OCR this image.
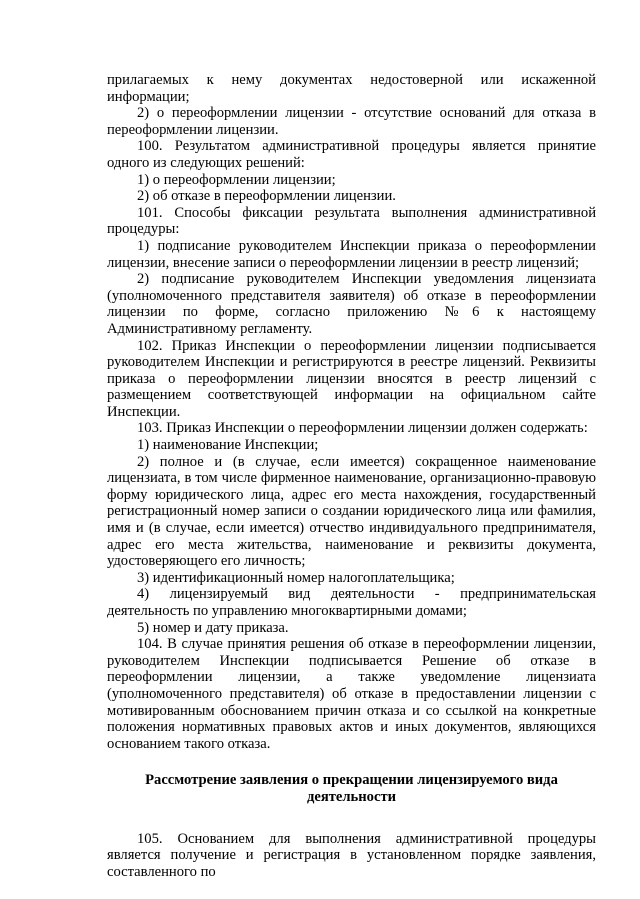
прилагаемых к нему документах недостоверной или искаженной информации;

2) о переоформлении лицензии - отсутствие оснований для отказа в переоформлении лицензии.

100. Результатом административной процедуры является принятие одного из следующих решений:

1) о переоформлении лицензии;

2) об отказе в переоформлении лицензии.

101. Способы фиксации результата выполнения административной процедуры:

1) подписание руководителем Инспекции приказа о переоформлении лицензии, внесение записи о переоформлении лицензии в реестр лицензий;

2) подписание руководителем Инспекции уведомления лицензиата (уполномоченного представителя заявителя) об отказе в переоформлении лицензии по форме, согласно приложению №6 к настоящему Административному регламенту.

102. Приказ Инспекции о переоформлении лицензии подписывается руководителем Инспекции и регистрируются в реестре лицензий. Реквизиты приказа о переоформлении лицензии вносятся в реестр лицензий с размещением соответствующей информации на официальном сайте Инспекции.

103. Приказ Инспекции о переоформлении лицензии должен содержать:

1) наименование Инспекции;

2) полное и (в случае, если имеется) сокращенное наименование лицензиата, в том числе фирменное наименование, организационно-правовую форму юридического лица, адрес его места нахождения, государственный регистрационный номер записи о создании юридического лица или фамилия, имя и (в случае, если имеется) отчество индивидуального предпринимателя, адрес его места жительства, наименование и реквизиты документа, удостоверяющего его личность;

3) идентификационный номер налогоплательщика;

4) лицензируемый вид деятельности - предпринимательская деятельность по управлению многоквартирными домами;

5) номер и дату приказа.

104. В случае принятия решения об отказе в переоформлении лицензии, руководителем Инспекции подписывается Решение об отказе в переоформлении лицензии, а также уведомление лицензиата (уполномоченного представителя) об отказе в предоставлении лицензии с мотивированным обоснованием причин отказа и со ссылкой на конкретные положения нормативных правовых актов и иных документов, являющихся основанием такого отказа.

Рассмотрение заявления о прекращении лицензируемого вида
деятельности

105. Основанием для выполнения административной процедуры является получение и регистрация в установленном порядке заявления, составленного по
